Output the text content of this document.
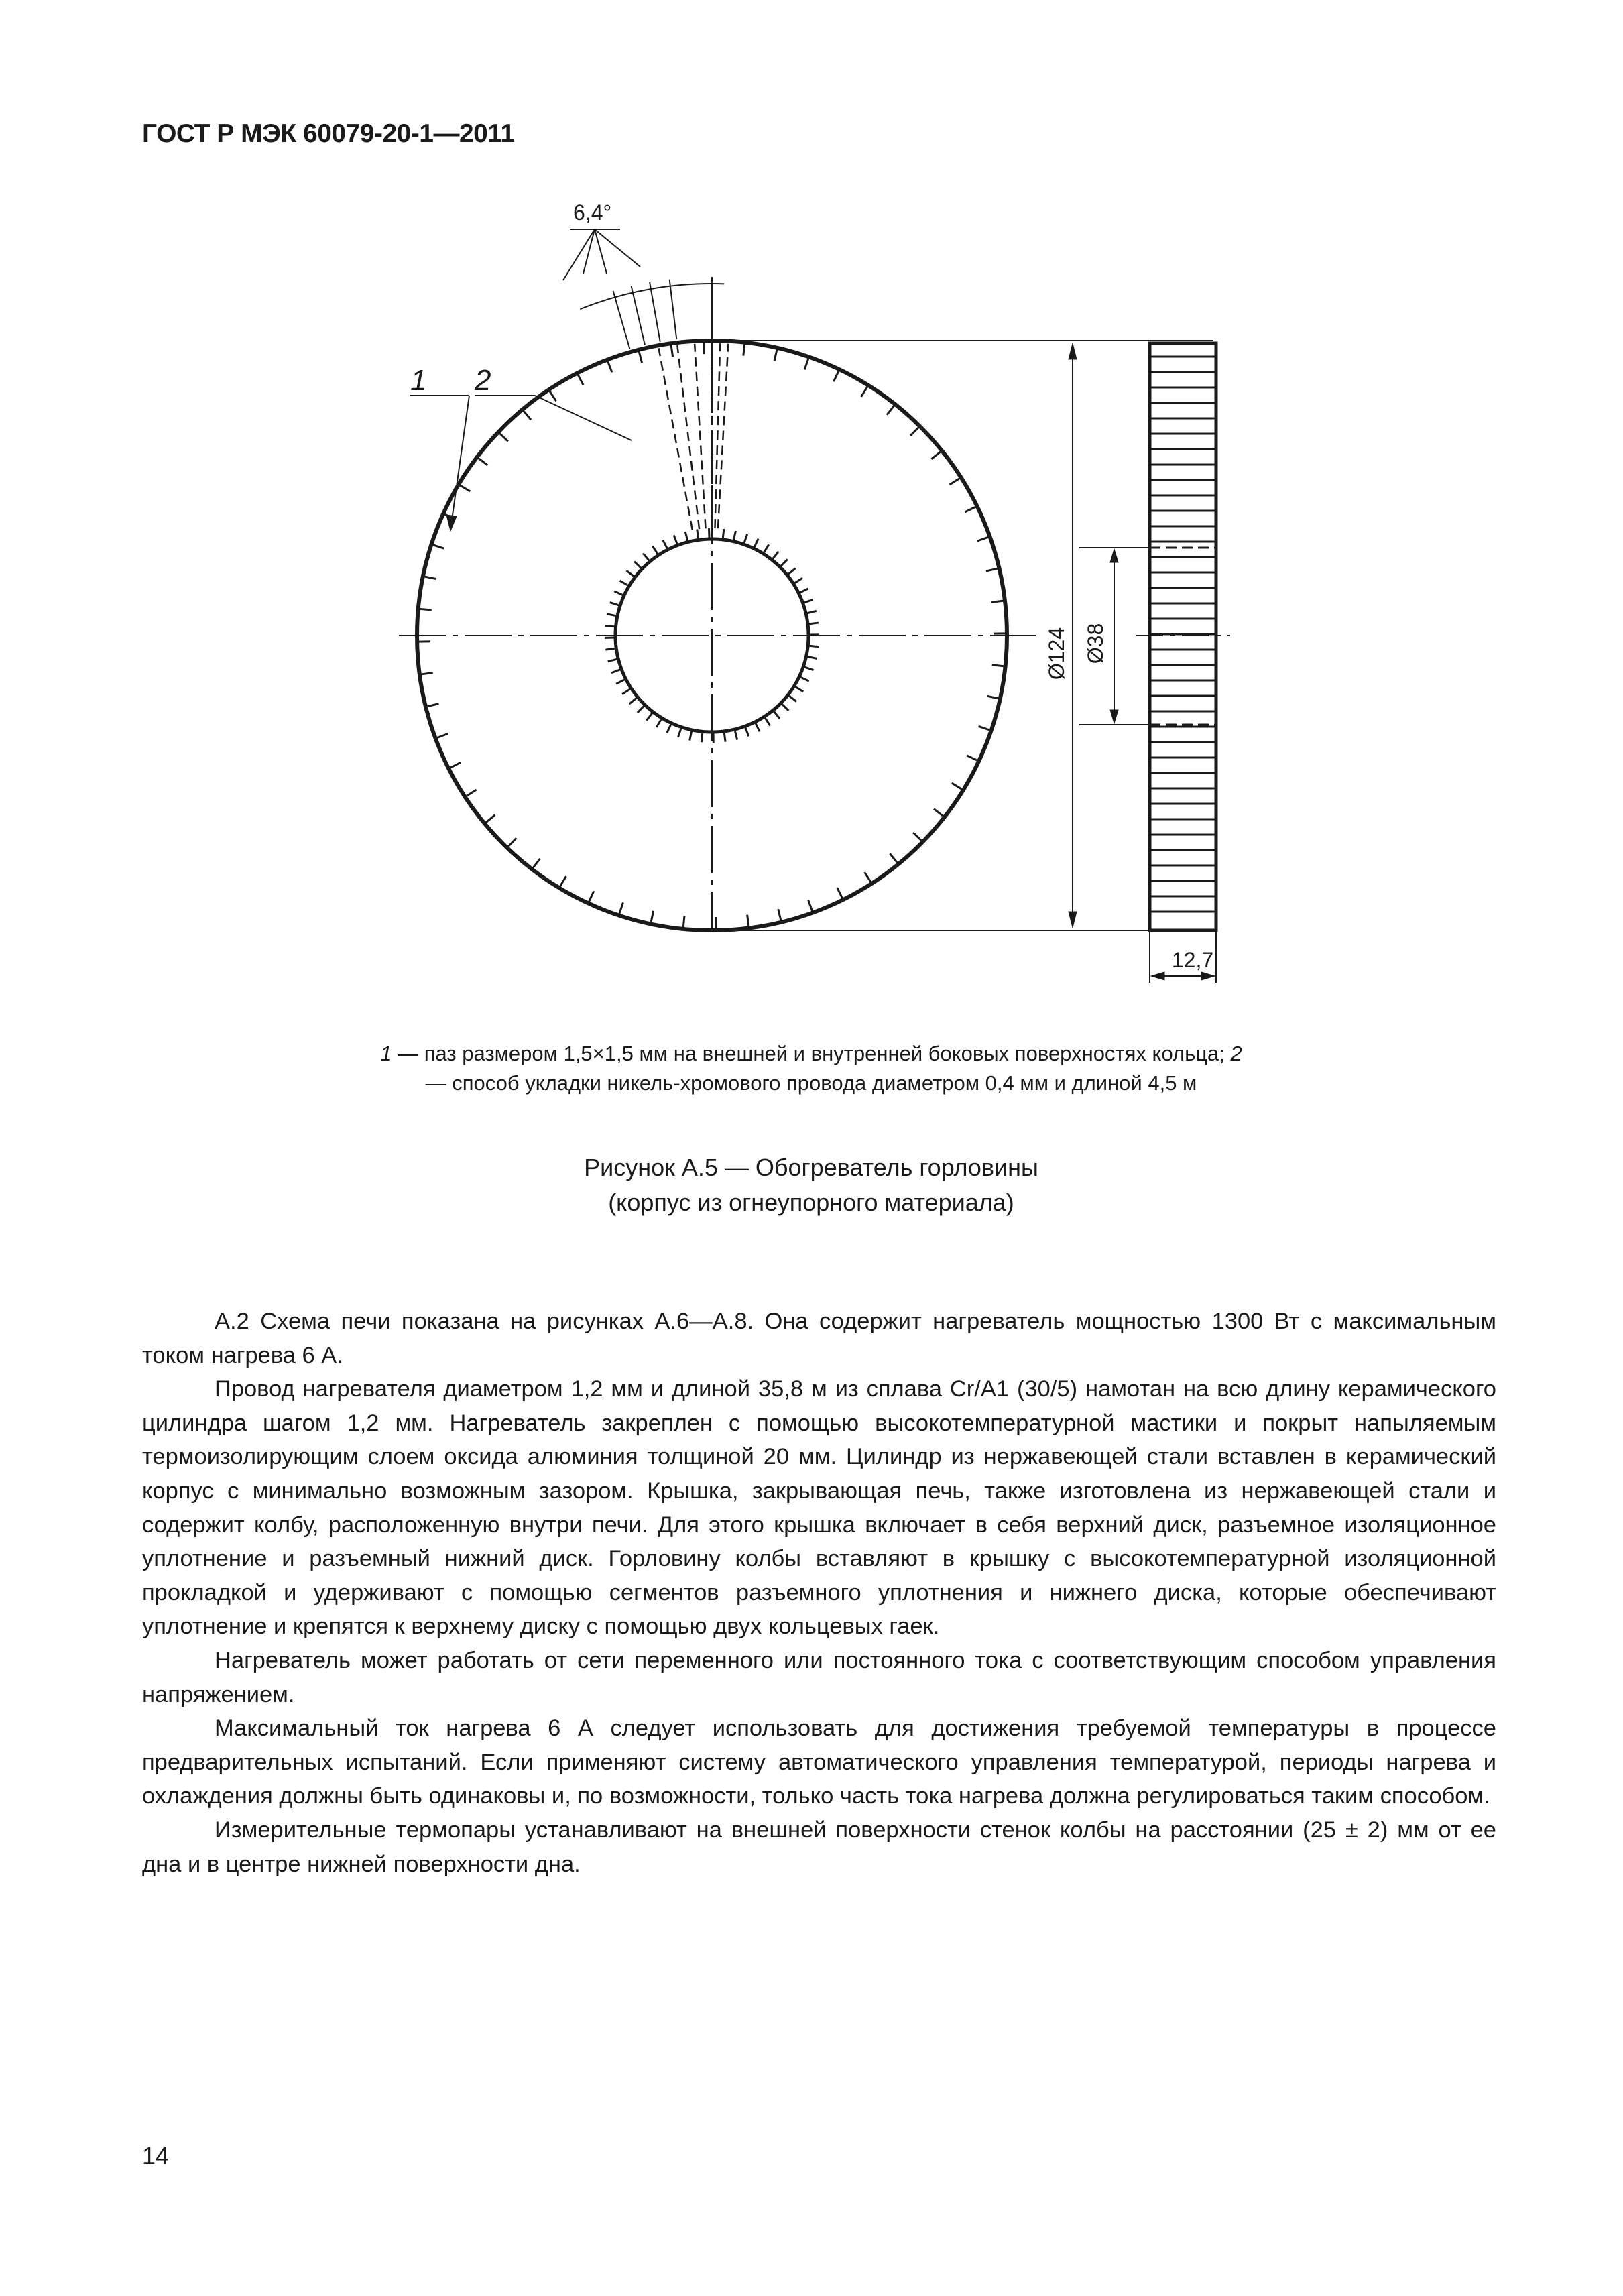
ГОСТ Р МЭК 60079-20-1—2011
6,4°
1 2
Ø124 Ø38
12,7
1 — паз размером 1,5×1,5 мм на внешней и внутренней боковых поверхностях кольца; 2 — способ укладки никель-хромового провода диаметром 0,4 мм и длиной 4,5 м
Рисунок А.5 — Обогреватель горловины
(корпус из огнеупорного материала)

А.2 Схема печи показана на рисунках А.6—А.8. Она содержит нагреватель мощностью 1300 Вт с максимальным током нагрева 6 А.

Провод нагревателя диаметром 1,2 мм и длиной 35,8 м из сплава Cr/A1 (30/5) намотан на всю длину керамического цилиндра шагом 1,2 мм. Нагреватель закреплен с помощью высокотемпературной мастики и покрыт напыляемым термоизолирующим слоем оксида алюминия толщиной 20 мм. Цилиндр из нержавеющей стали вставлен в керамический корпус с минимально возможным зазором. Крышка, закрывающая печь, также изготовлена из нержавеющей стали и содержит колбу, расположенную внутри печи. Для этого крышка включает в себя верхний диск, разъемное изоляционное уплотнение и разъемный нижний диск. Горловину колбы вставляют в крышку с высокотемпературной изоляционной прокладкой и удерживают с помощью сегментов разъемного уплотнения и нижнего диска, которые обеспечивают уплотнение и крепятся к верхнему диску с помощью двух кольцевых гаек.

Нагреватель может работать от сети переменного или постоянного тока с соответствующим способом управления напряжением.

Максимальный ток нагрева 6 А следует использовать для достижения требуемой температуры в процессе предварительных испытаний. Если применяют систему автоматического управления температурой, периоды нагрева и охлаждения должны быть одинаковы и, по возможности, только часть тока нагрева должна регулироваться таким способом.

Измерительные термопары устанавливают на внешней поверхности стенок колбы на расстоянии (25 ± 2) мм от ее дна и в центре нижней поверхности дна.

14
